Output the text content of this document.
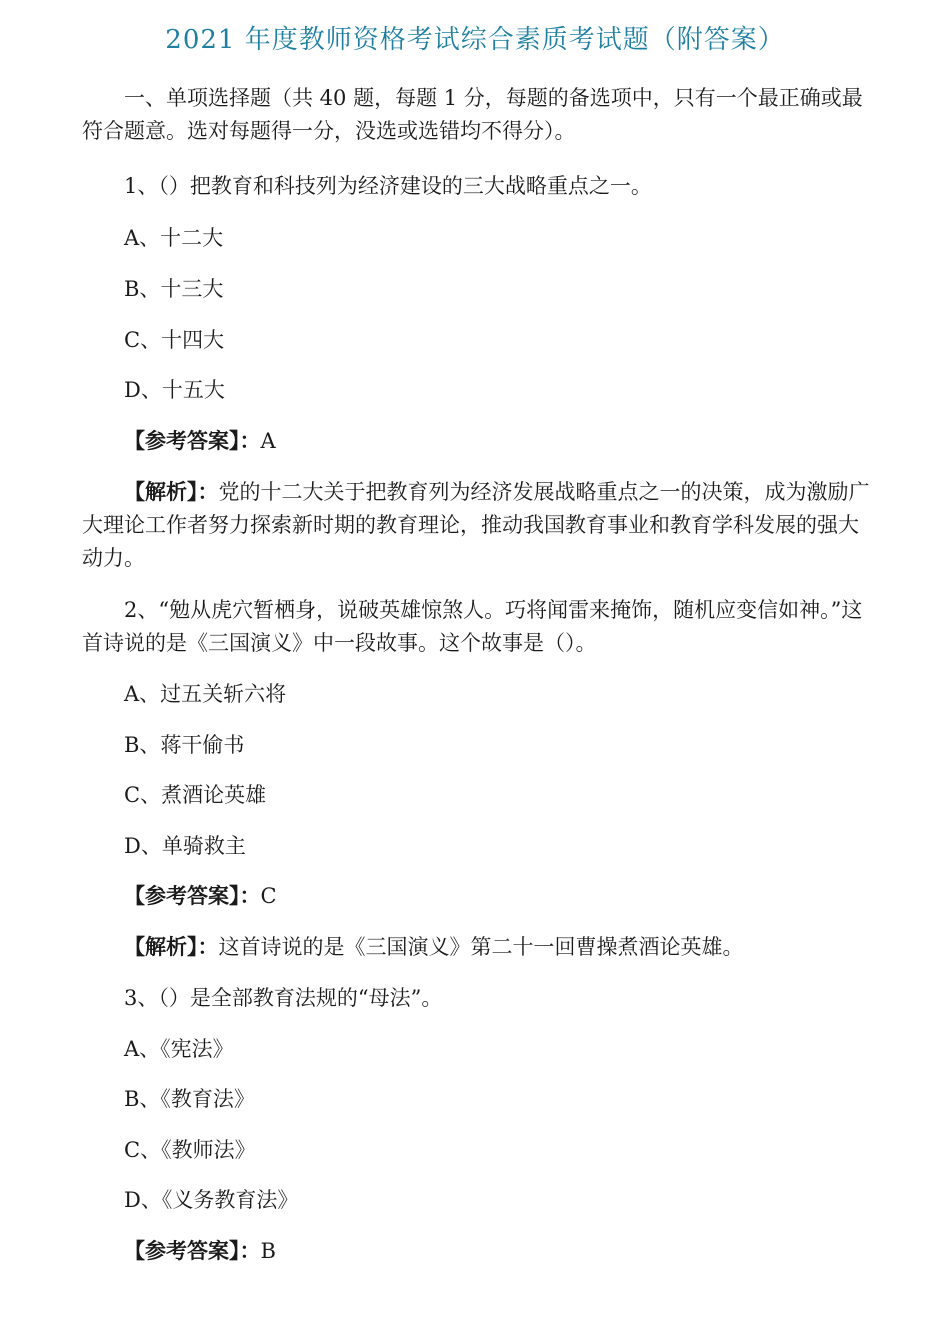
2021 年度教师资格考试综合素质考试题（附答案）
一、单项选择题（共 40 题，每题 1 分，每题的备选项中，只有一个最正确或最符合题意。选对每题得一分，没选或选错均不得分）。
1、（）把教育和科技列为经济建设的三大战略重点之一。
A、十二大
B、十三大
C、十四大
D、十五大
【参考答案】：A
【解析】：党的十二大关于把教育列为经济发展战略重点之一的决策，成为激励广大理论工作者努力探索新时期的教育理论，推动我国教育事业和教育学科发展的强大动力。
2、“勉从虎穴暂栖身，说破英雄惊煞人。巧将闻雷来掩饰，随机应变信如神。”这首诗说的是《三国演义》中一段故事。这个故事是（）。
A、过五关斩六将
B、蒋干偷书
C、煮酒论英雄
D、单骑救主
【参考答案】：C
【解析】：这首诗说的是《三国演义》第二十一回曹操煮酒论英雄。
3、（）是全部教育法规的“母法”。
A、《宪法》
B、《教育法》
C、《教师法》
D、《义务教育法》
【参考答案】：B
